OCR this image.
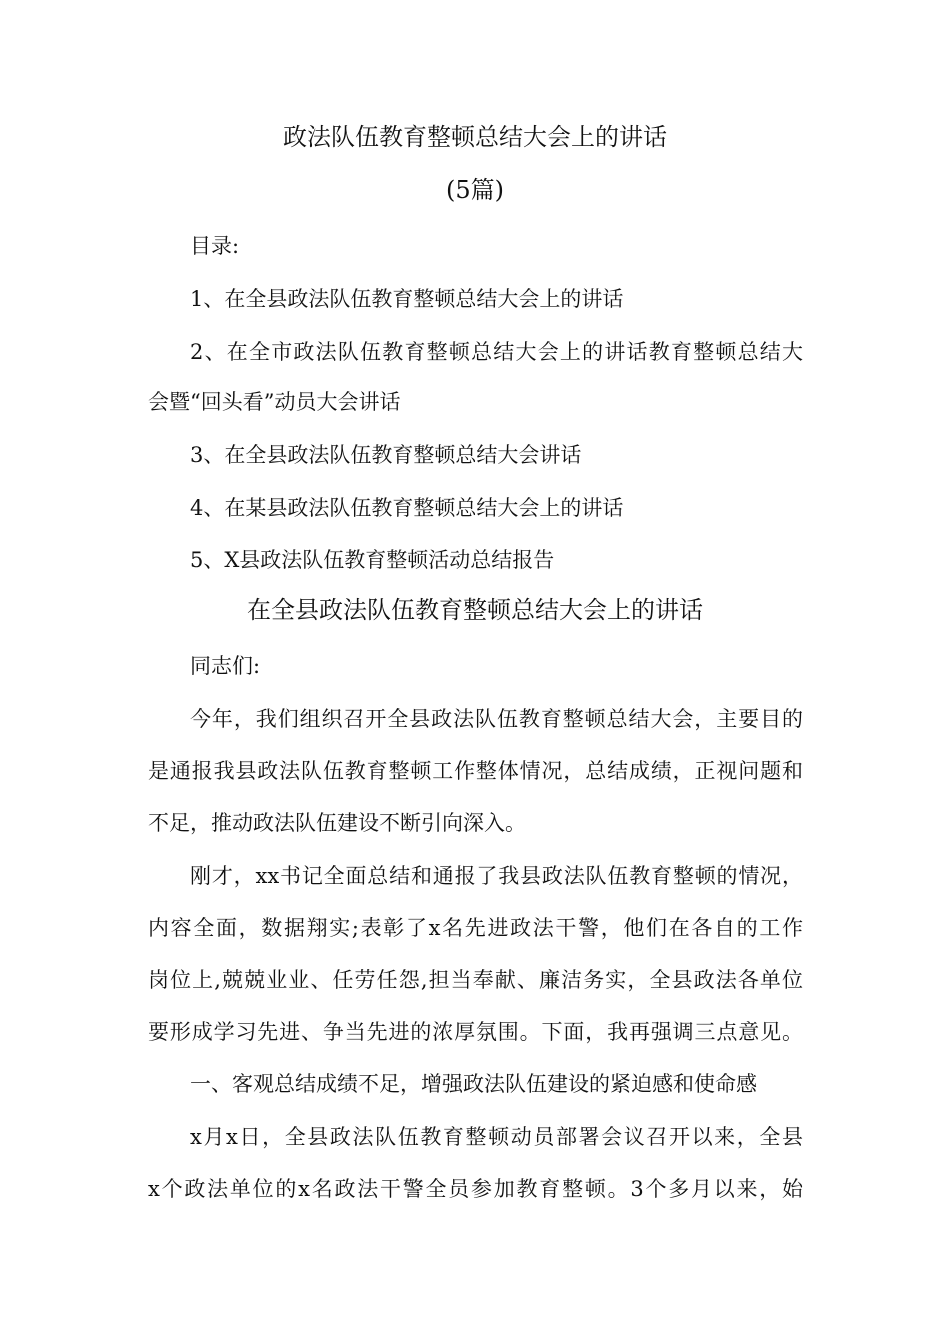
政法队伍教育整顿总结大会上的讲话
(5篇)
目录:
1、在全县政法队伍教育整顿总结大会上的讲话
2、在全市政法队伍教育整顿总结大会上的讲话教育整顿总结大
会暨“回头看”动员大会讲话
3、在全县政法队伍教育整顿总结大会讲话
4、在某县政法队伍教育整顿总结大会上的讲话
5、X县政法队伍教育整顿活动总结报告
在全县政法队伍教育整顿总结大会上的讲话
同志们:
今年，我们组织召开全县政法队伍教育整顿总结大会，主要目的
是通报我县政法队伍教育整顿工作整体情况，总结成绩，正视问题和
不足，推动政法队伍建设不断引向深入。
刚才，xx书记全面总结和通报了我县政法队伍教育整顿的情况，
内容全面，数据翔实;表彰了x名先进政法干警，他们在各自的工作
岗位上,兢兢业业、任劳任怨,担当奉献、廉洁务实，全县政法各单位
要形成学习先进、争当先进的浓厚氛围。下面，我再强调三点意见。
一、客观总结成绩不足，增强政法队伍建设的紧迫感和使命感
x月x日，全县政法队伍教育整顿动员部署会议召开以来，全县
x个政法单位的x名政法干警全员参加教育整顿。3个多月以来，始
